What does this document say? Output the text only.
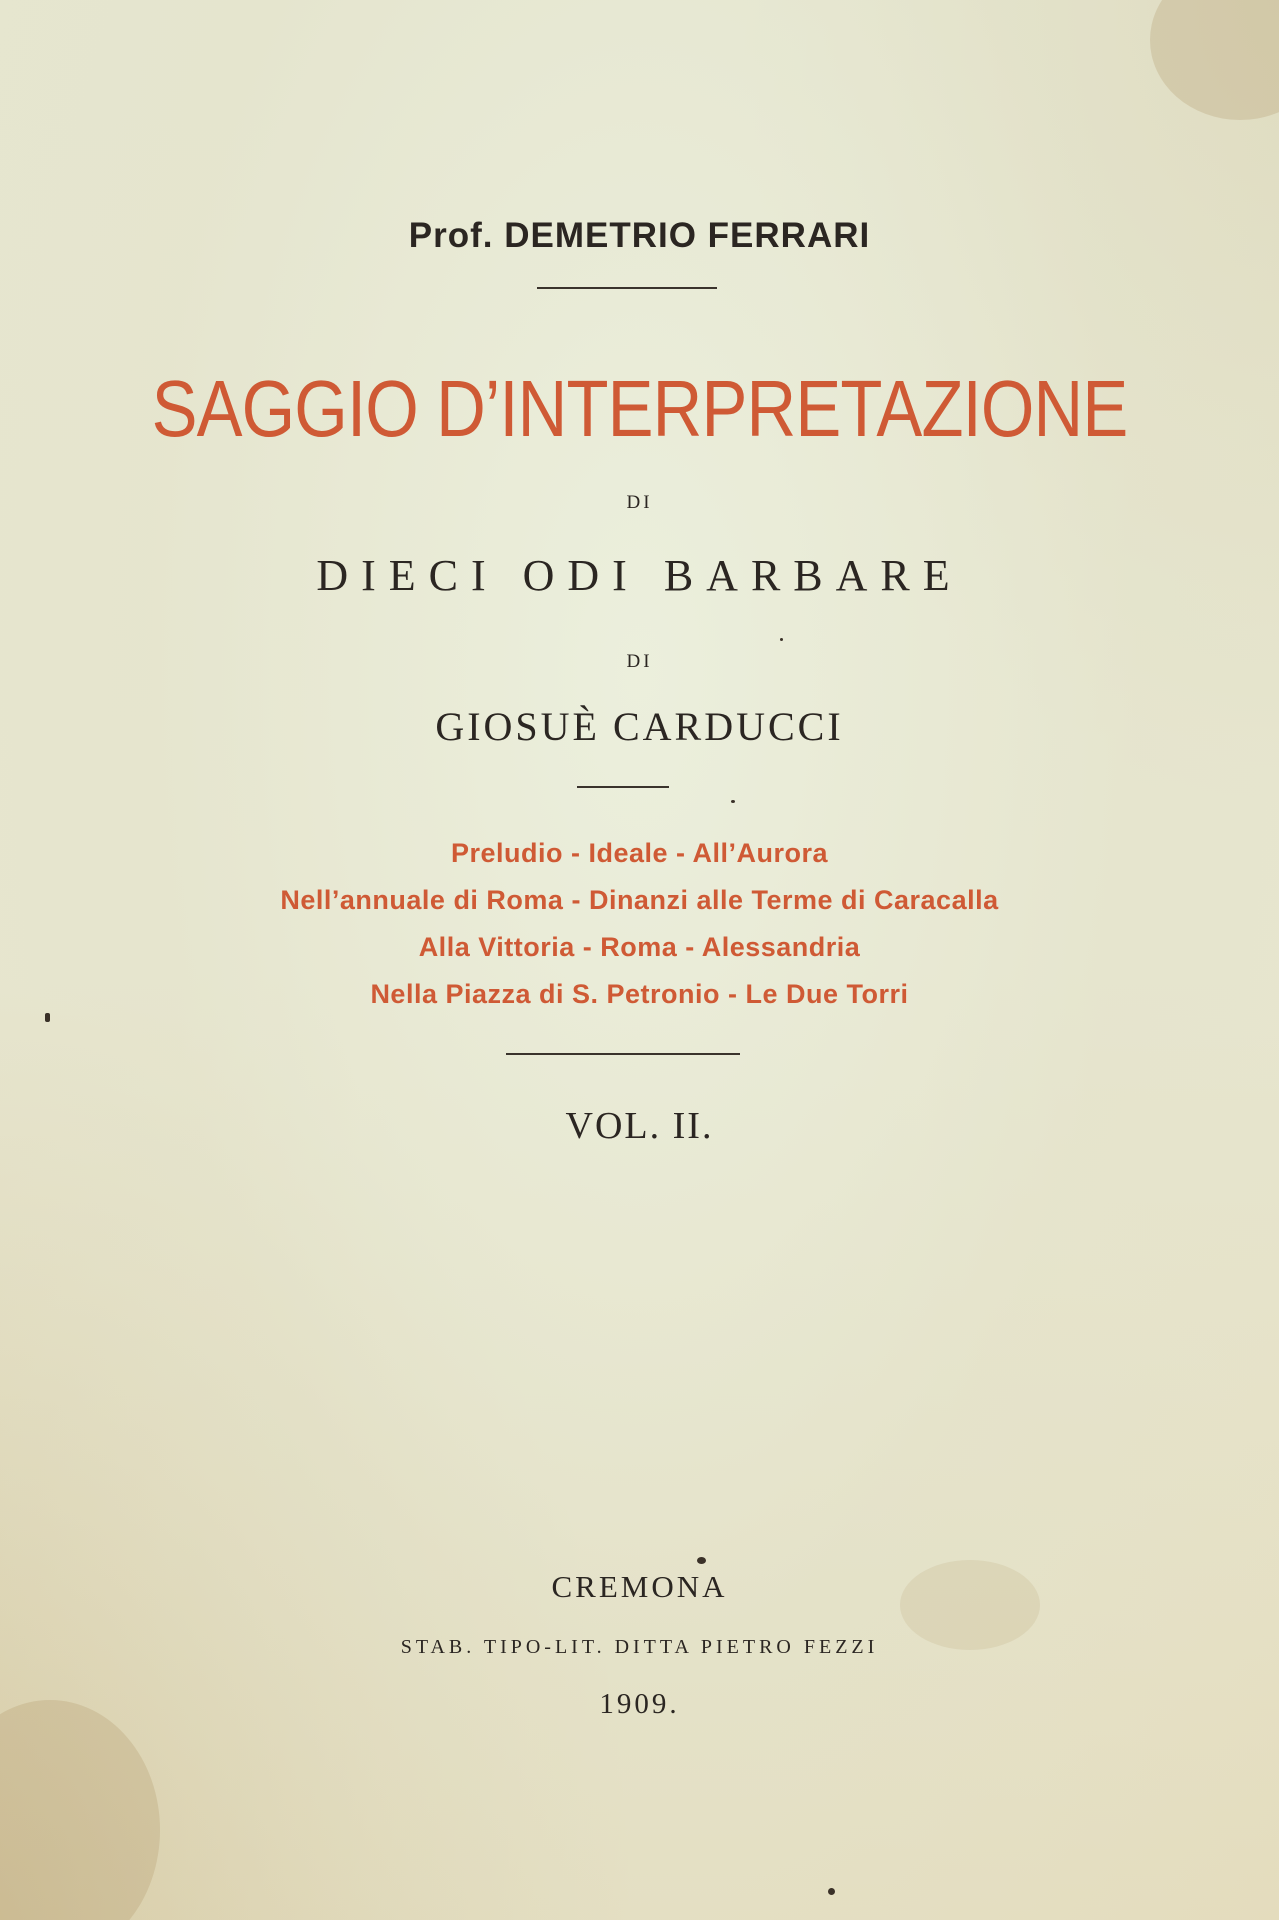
Prof. DEMETRIO FERRARI
SAGGIO D’INTERPRETAZIONE
DI
DIECI ODI BARBARE
DI
GIOSUÈ CARDUCCI
Preludio - Ideale - All’Aurora
Nell’annuale di Roma - Dinanzi alle Terme di Caracalla
Alla Vittoria - Roma - Alessandria
Nella Piazza di S. Petronio - Le Due Torri
VOL. II.
CREMONA
STAB. TIPO-LIT. DITTA PIETRO FEZZI
1909.
